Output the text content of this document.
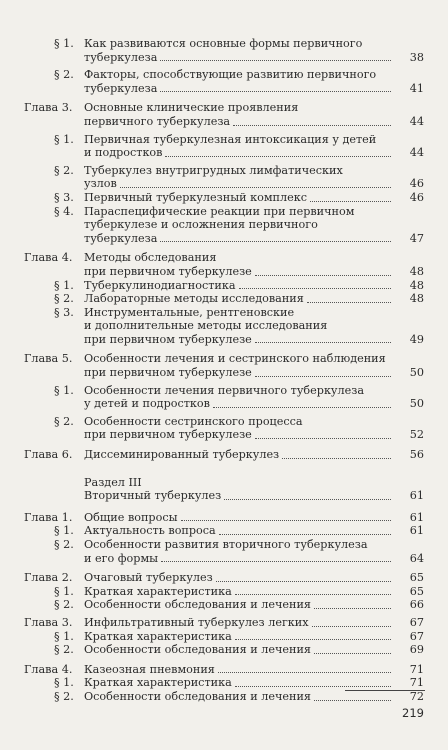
§ 1. Как развиваются основные формы первичного
туберкулеза	38
§ 2. Факторы, способствующие развитию первичного
туберкулеза	41
Глава 3. Основные клинические проявления
первичного туберкулеза	44
§ 1. Первичная туберкулезная интоксикация у детей
и подростков	44
§ 2. Туберкулез внутригрудных лимфатических
узлов	46
§ 3. Первичный туберкулезный комплекс	46
§ 4. Параспецифические реакции при первичном
туберкулезе и осложнения первичного
туберкулеза	47
Глава 4. Методы обследования
при первичном туберкулезе	48
§ 1. Туберкулинодиагностика	48
§ 2. Лабораторные методы исследования	48
§ 3. Инструментальные, рентгеновские
и дополнительные методы исследования
при первичном туберкулезе	49
Глава 5. Особенности лечения и сестринского наблюдения
при первичном туберкулезе	50
§ 1. Особенности лечения первичного туберкулеза
у детей и подростков	50
§ 2. Особенности сестринского процесса
при первичном туберкулезе	52
Глава 6. Диссеминированный туберкулез	56
Раздел III
Вторичный туберкулез	61
Глава 1. Общие вопросы	61
§ 1. Актуальность вопроса	61
§ 2. Особенности развития вторичного туберкулеза
и его формы	64
Глава 2. Очаговый туберкулез	65
§ 1. Краткая характеристика	65
§ 2. Особенности обследования и лечения	66
Глава 3. Инфильтративный туберкулез легких	67
§ 1. Краткая характеристика	67
§ 2. Особенности обследования и лечения	69
Глава 4. Казеозная пневмония	71
§ 1. Краткая характеристика	71
§ 2. Особенности обследования и лечения	72
219
